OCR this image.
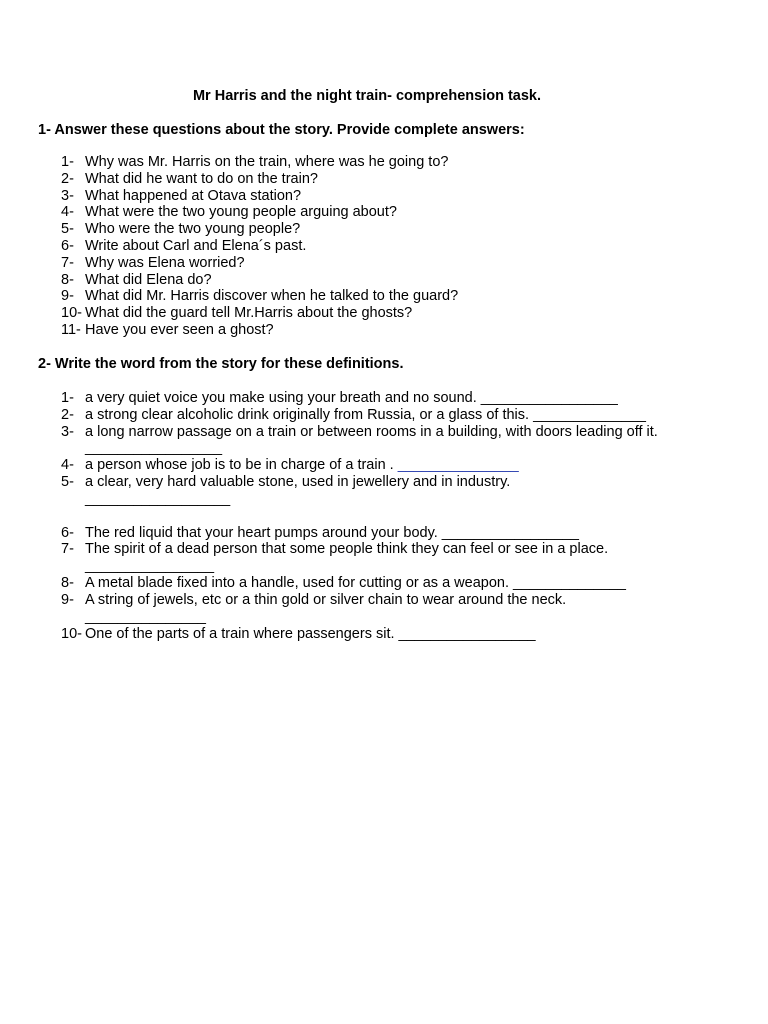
Mr Harris and the night train- comprehension task.
1- Answer these questions about the story. Provide complete answers:
1- Why was Mr. Harris on the train, where was he going to?
2- What did he want to do on the train?
3- What happened at Otava station?
4- What were the two young people arguing about?
5- Who were the two young people?
6- Write about Carl and Elena´s past.
7- Why was Elena worried?
8- What did Elena do?
9- What did Mr. Harris discover when he talked to the guard?
10- What did the guard tell Mr.Harris about the ghosts?
11- Have you ever seen a ghost?
2- Write the word from the story for these definitions.
1- a very quiet voice you make using your breath and no sound. _________________
2- a strong clear alcoholic drink originally from Russia, or a glass of this. ______________
3- a long narrow passage on a train or between rooms in a building, with doors leading off it. _________________
4- a person whose job is to be in charge of a train . _______________
5- a clear, very hard valuable stone, used in jewellery and in industry.
__________________
6- The red liquid that your heart pumps around your body. _________________
7- The spirit of a dead person that some people think they can feel or see in a place.
________________
8- A metal blade fixed into a handle, used for cutting or as a weapon. ______________
9- A string of jewels, etc or a thin gold or silver chain to wear around the neck.
_______________
10- One of the parts of a train where passengers sit. _________________
